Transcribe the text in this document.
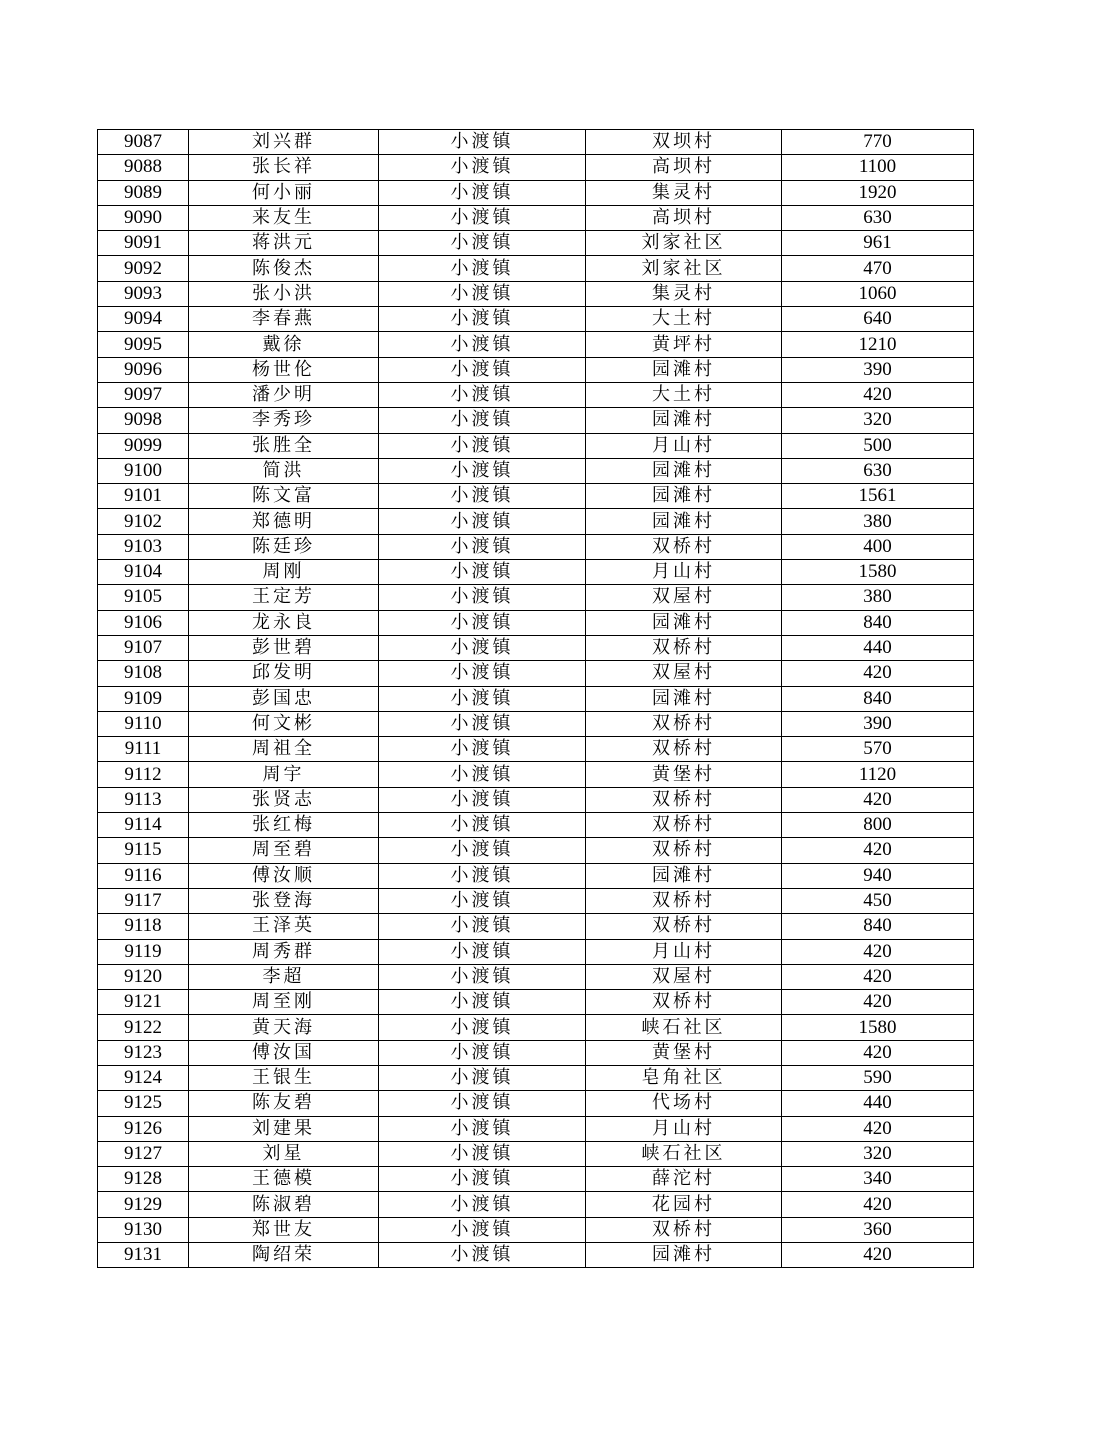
9087	刘兴群	小渡镇	双坝村	770
9088	张长祥	小渡镇	高坝村	1100
9089	何小丽	小渡镇	集灵村	1920
9090	来友生	小渡镇	高坝村	630
9091	蒋洪元	小渡镇	刘家社区	961
9092	陈俊杰	小渡镇	刘家社区	470
9093	张小洪	小渡镇	集灵村	1060
9094	李春燕	小渡镇	大土村	640
9095	戴徐	小渡镇	黄坪村	1210
9096	杨世伦	小渡镇	园滩村	390
9097	潘少明	小渡镇	大土村	420
9098	李秀珍	小渡镇	园滩村	320
9099	张胜全	小渡镇	月山村	500
9100	简洪	小渡镇	园滩村	630
9101	陈文富	小渡镇	园滩村	1561
9102	郑德明	小渡镇	园滩村	380
9103	陈廷珍	小渡镇	双桥村	400
9104	周刚	小渡镇	月山村	1580
9105	王定芳	小渡镇	双屋村	380
9106	龙永良	小渡镇	园滩村	840
9107	彭世碧	小渡镇	双桥村	440
9108	邱发明	小渡镇	双屋村	420
9109	彭国忠	小渡镇	园滩村	840
9110	何文彬	小渡镇	双桥村	390
9111	周祖全	小渡镇	双桥村	570
9112	周宇	小渡镇	黄堡村	1120
9113	张贤志	小渡镇	双桥村	420
9114	张红梅	小渡镇	双桥村	800
9115	周至碧	小渡镇	双桥村	420
9116	傅汝顺	小渡镇	园滩村	940
9117	张登海	小渡镇	双桥村	450
9118	王泽英	小渡镇	双桥村	840
9119	周秀群	小渡镇	月山村	420
9120	李超	小渡镇	双屋村	420
9121	周至刚	小渡镇	双桥村	420
9122	黄天海	小渡镇	峡石社区	1580
9123	傅汝国	小渡镇	黄堡村	420
9124	王银生	小渡镇	皂角社区	590
9125	陈友碧	小渡镇	代场村	440
9126	刘建果	小渡镇	月山村	420
9127	刘星	小渡镇	峡石社区	320
9128	王德模	小渡镇	薛沱村	340
9129	陈淑碧	小渡镇	花园村	420
9130	郑世友	小渡镇	双桥村	360
9131	陶绍荣	小渡镇	园滩村	420
